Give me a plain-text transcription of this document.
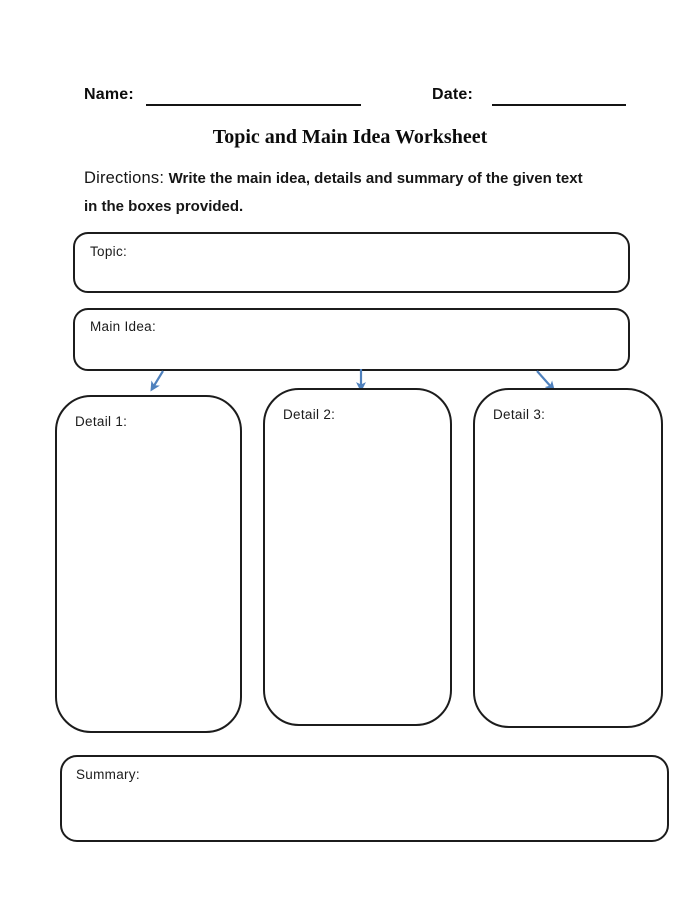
Name:	Date:
Topic and Main Idea Worksheet
Directions: Write the main idea, details and summary of the given text
in the boxes provided.
Topic:
Main Idea:
Detail 1:	Detail 2:	Detail 3:
Summary:
